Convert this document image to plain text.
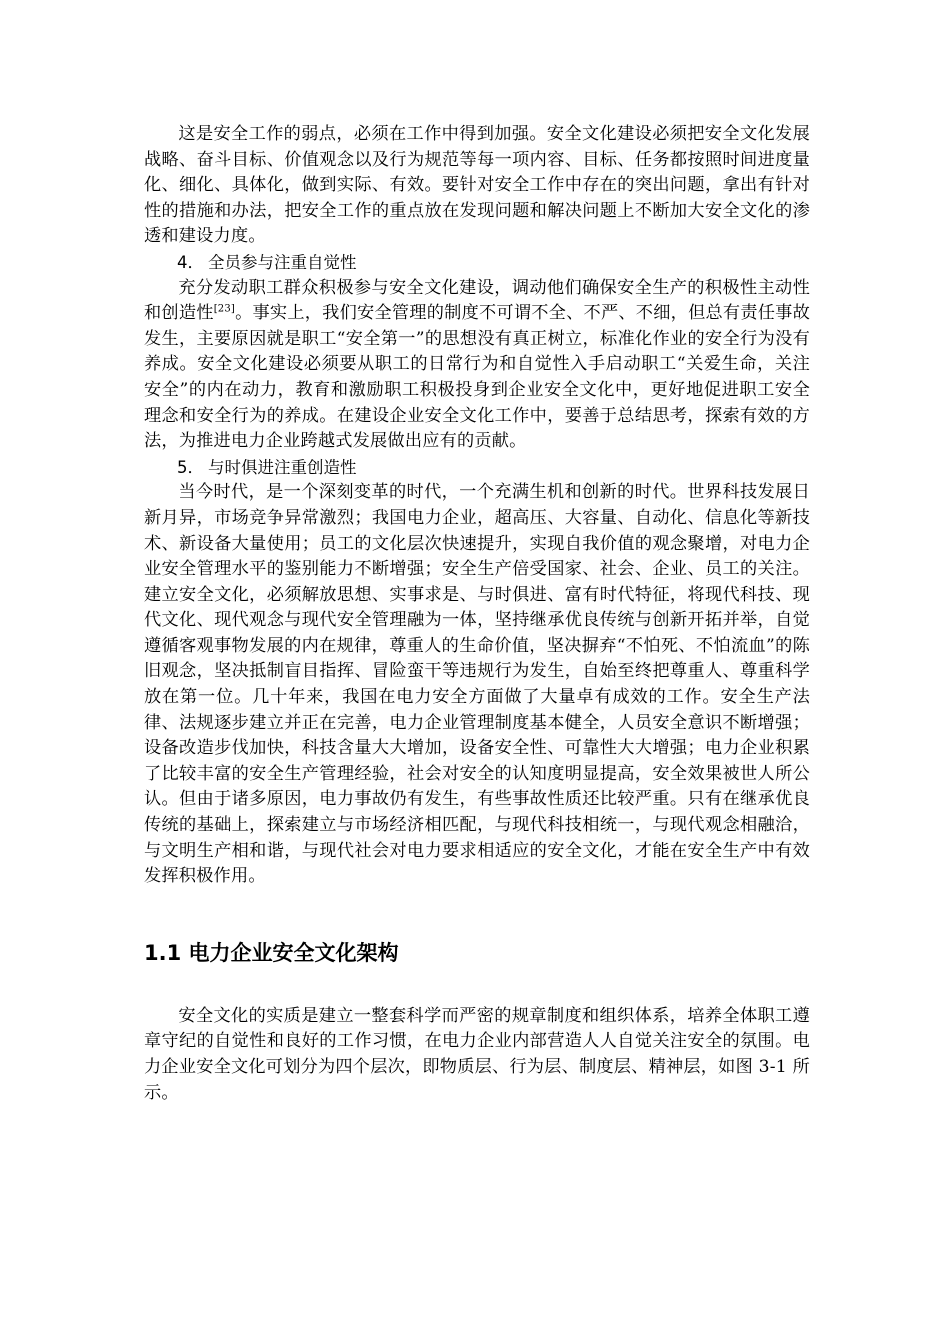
这是安全工作的弱点，必须在工作中得到加强。安全文化建设必须把安全文化发展战略、奋斗目标、价值观念以及行为规范等每一项内容、目标、任务都按照时间进度量化、细化、具体化，做到实际、有效。要针对安全工作中存在的突出问题，拿出有针对性的措施和办法，把安全工作的重点放在发现问题和解决问题上不断加大安全文化的渗透和建设力度。

4． 全员参与注重自觉性

充分发动职工群众积极参与安全文化建设，调动他们确保安全生产的积极性主动性和创造性[23]。事实上，我们安全管理的制度不可谓不全、不严、不细，但总有责任事故发生，主要原因就是职工“安全第一”的思想没有真正树立，标准化作业的安全行为没有养成。安全文化建设必须要从职工的日常行为和自觉性入手启动职工“关爱生命，关注安全”的内在动力，教育和激励职工积极投身到企业安全文化中，更好地促进职工安全理念和安全行为的养成。在建设企业安全文化工作中，要善于总结思考，探索有效的方法，为推进电力企业跨越式发展做出应有的贡献。

5． 与时俱进注重创造性

当今时代，是一个深刻变革的时代，一个充满生机和创新的时代。世界科技发展日新月异，市场竞争异常激烈；我国电力企业，超高压、大容量、自动化、信息化等新技术、新设备大量使用；员工的文化层次快速提升，实现自我价值的观念聚增，对电力企业安全管理水平的鉴别能力不断增强；安全生产倍受国家、社会、企业、员工的关注。建立安全文化，必须解放思想、实事求是、与时俱进、富有时代特征，将现代科技、现代文化、现代观念与现代安全管理融为一体，坚持继承优良传统与创新开拓并举，自觉遵循客观事物发展的内在规律，尊重人的生命价值，坚决摒弃“不怕死、不怕流血”的陈旧观念，坚决抵制盲目指挥、冒险蛮干等违规行为发生，自始至终把尊重人、尊重科学放在第一位。几十年来，我国在电力安全方面做了大量卓有成效的工作。安全生产法律、法规逐步建立并正在完善，电力企业管理制度基本健全，人员安全意识不断增强；设备改造步伐加快，科技含量大大增加，设备安全性、可靠性大大增强；电力企业积累了比较丰富的安全生产管理经验，社会对安全的认知度明显提高，安全效果被世人所公认。但由于诸多原因，电力事故仍有发生，有些事故性质还比较严重。只有在继承优良传统的基础上，探索建立与市场经济相匹配，与现代科技相统一，与现代观念相融洽，与文明生产相和谐，与现代社会对电力要求相适应的安全文化，才能在安全生产中有效发挥积极作用。

1.1 电力企业安全文化架构

安全文化的实质是建立一整套科学而严密的规章制度和组织体系，培养全体职工遵章守纪的自觉性和良好的工作习惯，在电力企业内部营造人人自觉关注安全的氛围。电力企业安全文化可划分为四个层次，即物质层、行为层、制度层、精神层，如图 3-1 所示。
